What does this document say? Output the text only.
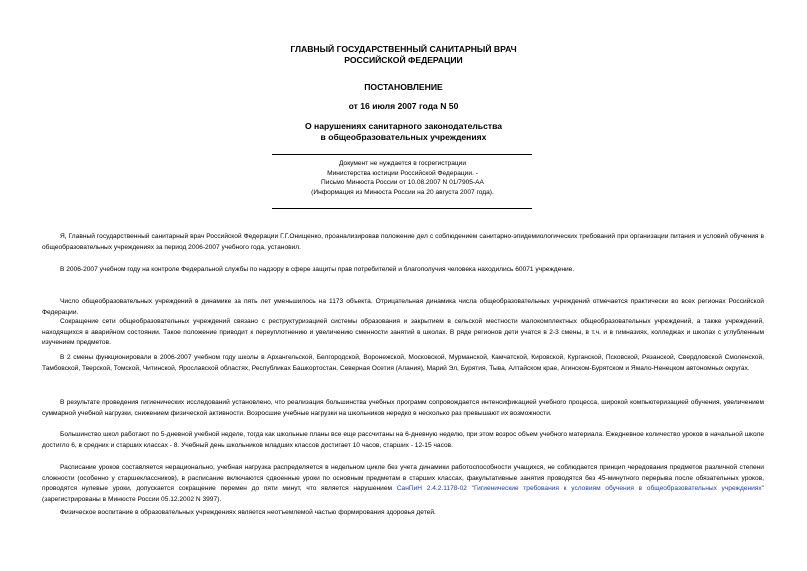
ГЛАВНЫЙ ГОСУДАРСТВЕННЫЙ САНИТАРНЫЙ ВРАЧ
РОССИЙСКОЙ ФЕДЕРАЦИИ
ПОСТАНОВЛЕНИЕ
от 16 июля 2007 года N 50
О нарушениях санитарного законодательства
в общеобразовательных учреждениях
Документ не нуждается в госрегистрации
Министерства юстиции Российской Федерации. -
Письмо Минюста России от 10.08.2007 N 01/7905-АА
(Информация из Минюста России на 20 августа 2007 года).

Я, Главный государственный санитарный врач Российской Федерации Г.Г.Онищенко, проанализировав положение дел с соблюдением санитарно-эпидемиологических требований при организации питания и условий обучения в общеобразовательных учреждениях за период 2006-2007 учебного года, установил.

В 2006-2007 учебном году на контроле Федеральной службы по надзору в сфере защиты прав потребителей и благополучия человека находились 60071 учреждение.

Число общеобразовательных учреждений в динамике за пять лет уменьшилось на 1173 объекта. Отрицательная динамика числа общеобразовательных учреждений отмечается практически во всех регионах Российской Федерации.

Сокращение сети общеобразовательных учреждений связано с реструктуризацией системы образования и закрытием в сельской местности малокомплектных общеобразовательных учреждений, а также учреждений, находящихся в аварийном состоянии. Такое положение приводит к переуплотнению и увеличению сменности занятий в школах. В ряде регионов дети учатся в 2-3 смены, в т.ч. и в гимназиях, колледжах и школах с углубленным изучением предметов.

В 2 смены функционировали в 2006-2007 учебном году школы в Архангельской, Белгородской, Воронежской, Московской, Мурманской, Камчатской, Кировской, Курганской, Псковской, Рязанской, Свердловской Смоленской, Тамбовской, Тверской, Томской, Читинской, Ярославской областях, Республиках Башкортостан, Северная Осетия (Алания), Марий Эл, Бурятия, Тыва, Алтайском крае, Агинском-Бурятском и Ямало-Ненецком автономных округах.

В результате проведения гигиенических исследований установлено, что реализация большинства учебных программ сопровождается интенсификацией учебного процесса, широкой компьютеризацией обучения, увеличением суммарной учебной нагрузки, снижением физической активности. Возросшие учебные нагрузки на школьников нередко в несколько раз превышают их возможности.

Большинство школ работают по 5-дневной учебной неделе, тогда как школьные планы все еще рассчитаны на 6-дневную неделю, при этом возрос объем учебного материала. Ежедневное количество уроков в начальной школе достигло 6, в средних и старших классах - 8. Учебный день школьников младших классов достигает 10 часов, старших - 12-15 часов.

Расписание уроков составляется нерационально, учебная нагрузка распределяется в недельном цикле без учета динамики работоспособности учащихся, не соблюдается принцип чередования предметов различной степени сложности (особенно у старшеклассников), в расписание включаются сдвоенные уроки по основным предметам в старших классах, факультативные занятия проводятся без 45-минутного перерыва после обязательных уроков, проводятся нулевые уроки, допускается сокращение перемен до пяти минут, что является нарушением СанПиН 2.4.2.1178-02 "Гигиенические требования к условиям обучения в общеобразовательных учреждениях" (зарегистрированы в Минюсте России 05.12.2002 N 3997).

Физическое воспитание в образовательных учреждениях является неотъемлемой частью формирования здоровья детей.
